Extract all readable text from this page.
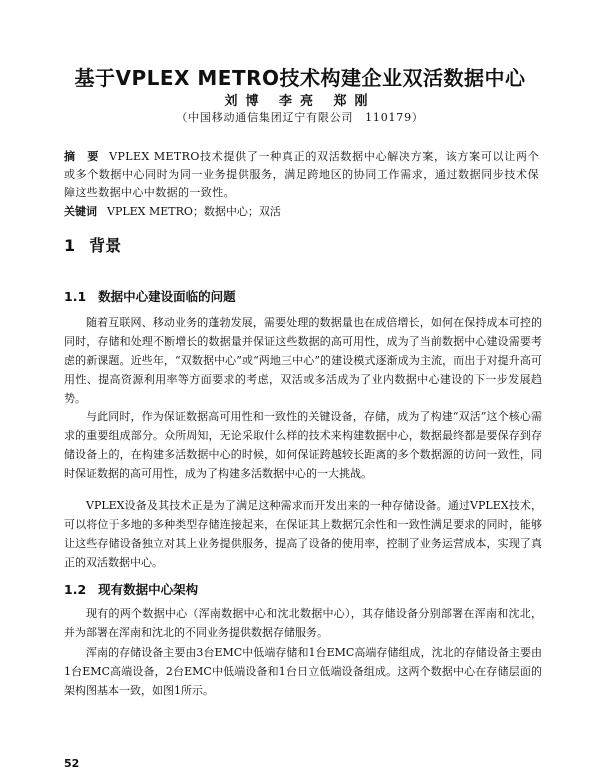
基于VPLEX METRO技术构建企业双活数据中心
刘博 李亮 郑刚
（中国移动通信集团辽宁有限公司　110179）
摘　要 VPLEX METRO技术提供了一种真正的双活数据中心解决方案，该方案可以让两个或多个数据中心同时为同一业务提供服务，满足跨地区的协同工作需求，通过数据同步技术保障这些数据中心中数据的一致性。
关键词 VPLEX METRO；数据中心；双活
1 背景
1.1 数据中心建设面临的问题

随着互联网、移动业务的蓬勃发展，需要处理的数据量也在成倍增长，如何在保持成本可控的同时，存储和处理不断增长的数据量并保证这些数据的高可用性，成为了当前数据中心建设需要考虑的新课题。近些年，“双数据中心”或“两地三中心”的建设模式逐渐成为主流，而出于对提升高可用性、提高资源利用率等方面要求的考虑，双活或多活成为了业内数据中心建设的下一步发展趋势。

与此同时，作为保证数据高可用性和一致性的关键设备，存储，成为了构建“双活”这个核心需求的重要组成部分。众所周知，无论采取什么样的技术来构建数据中心，数据最终都是要保存到存储设备上的，在构建多活数据中心的时候，如何保证跨越较长距离的多个数据源的访问一致性，同时保证数据的高可用性，成为了构建多活数据中心的一大挑战。

VPLEX设备及其技术正是为了满足这种需求而开发出来的一种存储设备。通过VPLEX技术，可以将位于多地的多种类型存储连接起来，在保证其上数据冗余性和一致性满足要求的同时，能够让这些存储设备独立对其上业务提供服务，提高了设备的使用率，控制了业务运营成本，实现了真正的双活数据中心。

1.2 现有数据中心架构

现有的两个数据中心（浑南数据中心和沈北数据中心），其存储设备分别部署在浑南和沈北，并为部署在浑南和沈北的不同业务提供数据存储服务。

浑南的存储设备主要由3台EMC中低端存储和1台EMC高端存储组成，沈北的存储设备主要由1台EMC高端设备，2台EMC中低端设备和1台日立低端设备组成。这两个数据中心在存储层面的架构图基本一致，如图1所示。

52
